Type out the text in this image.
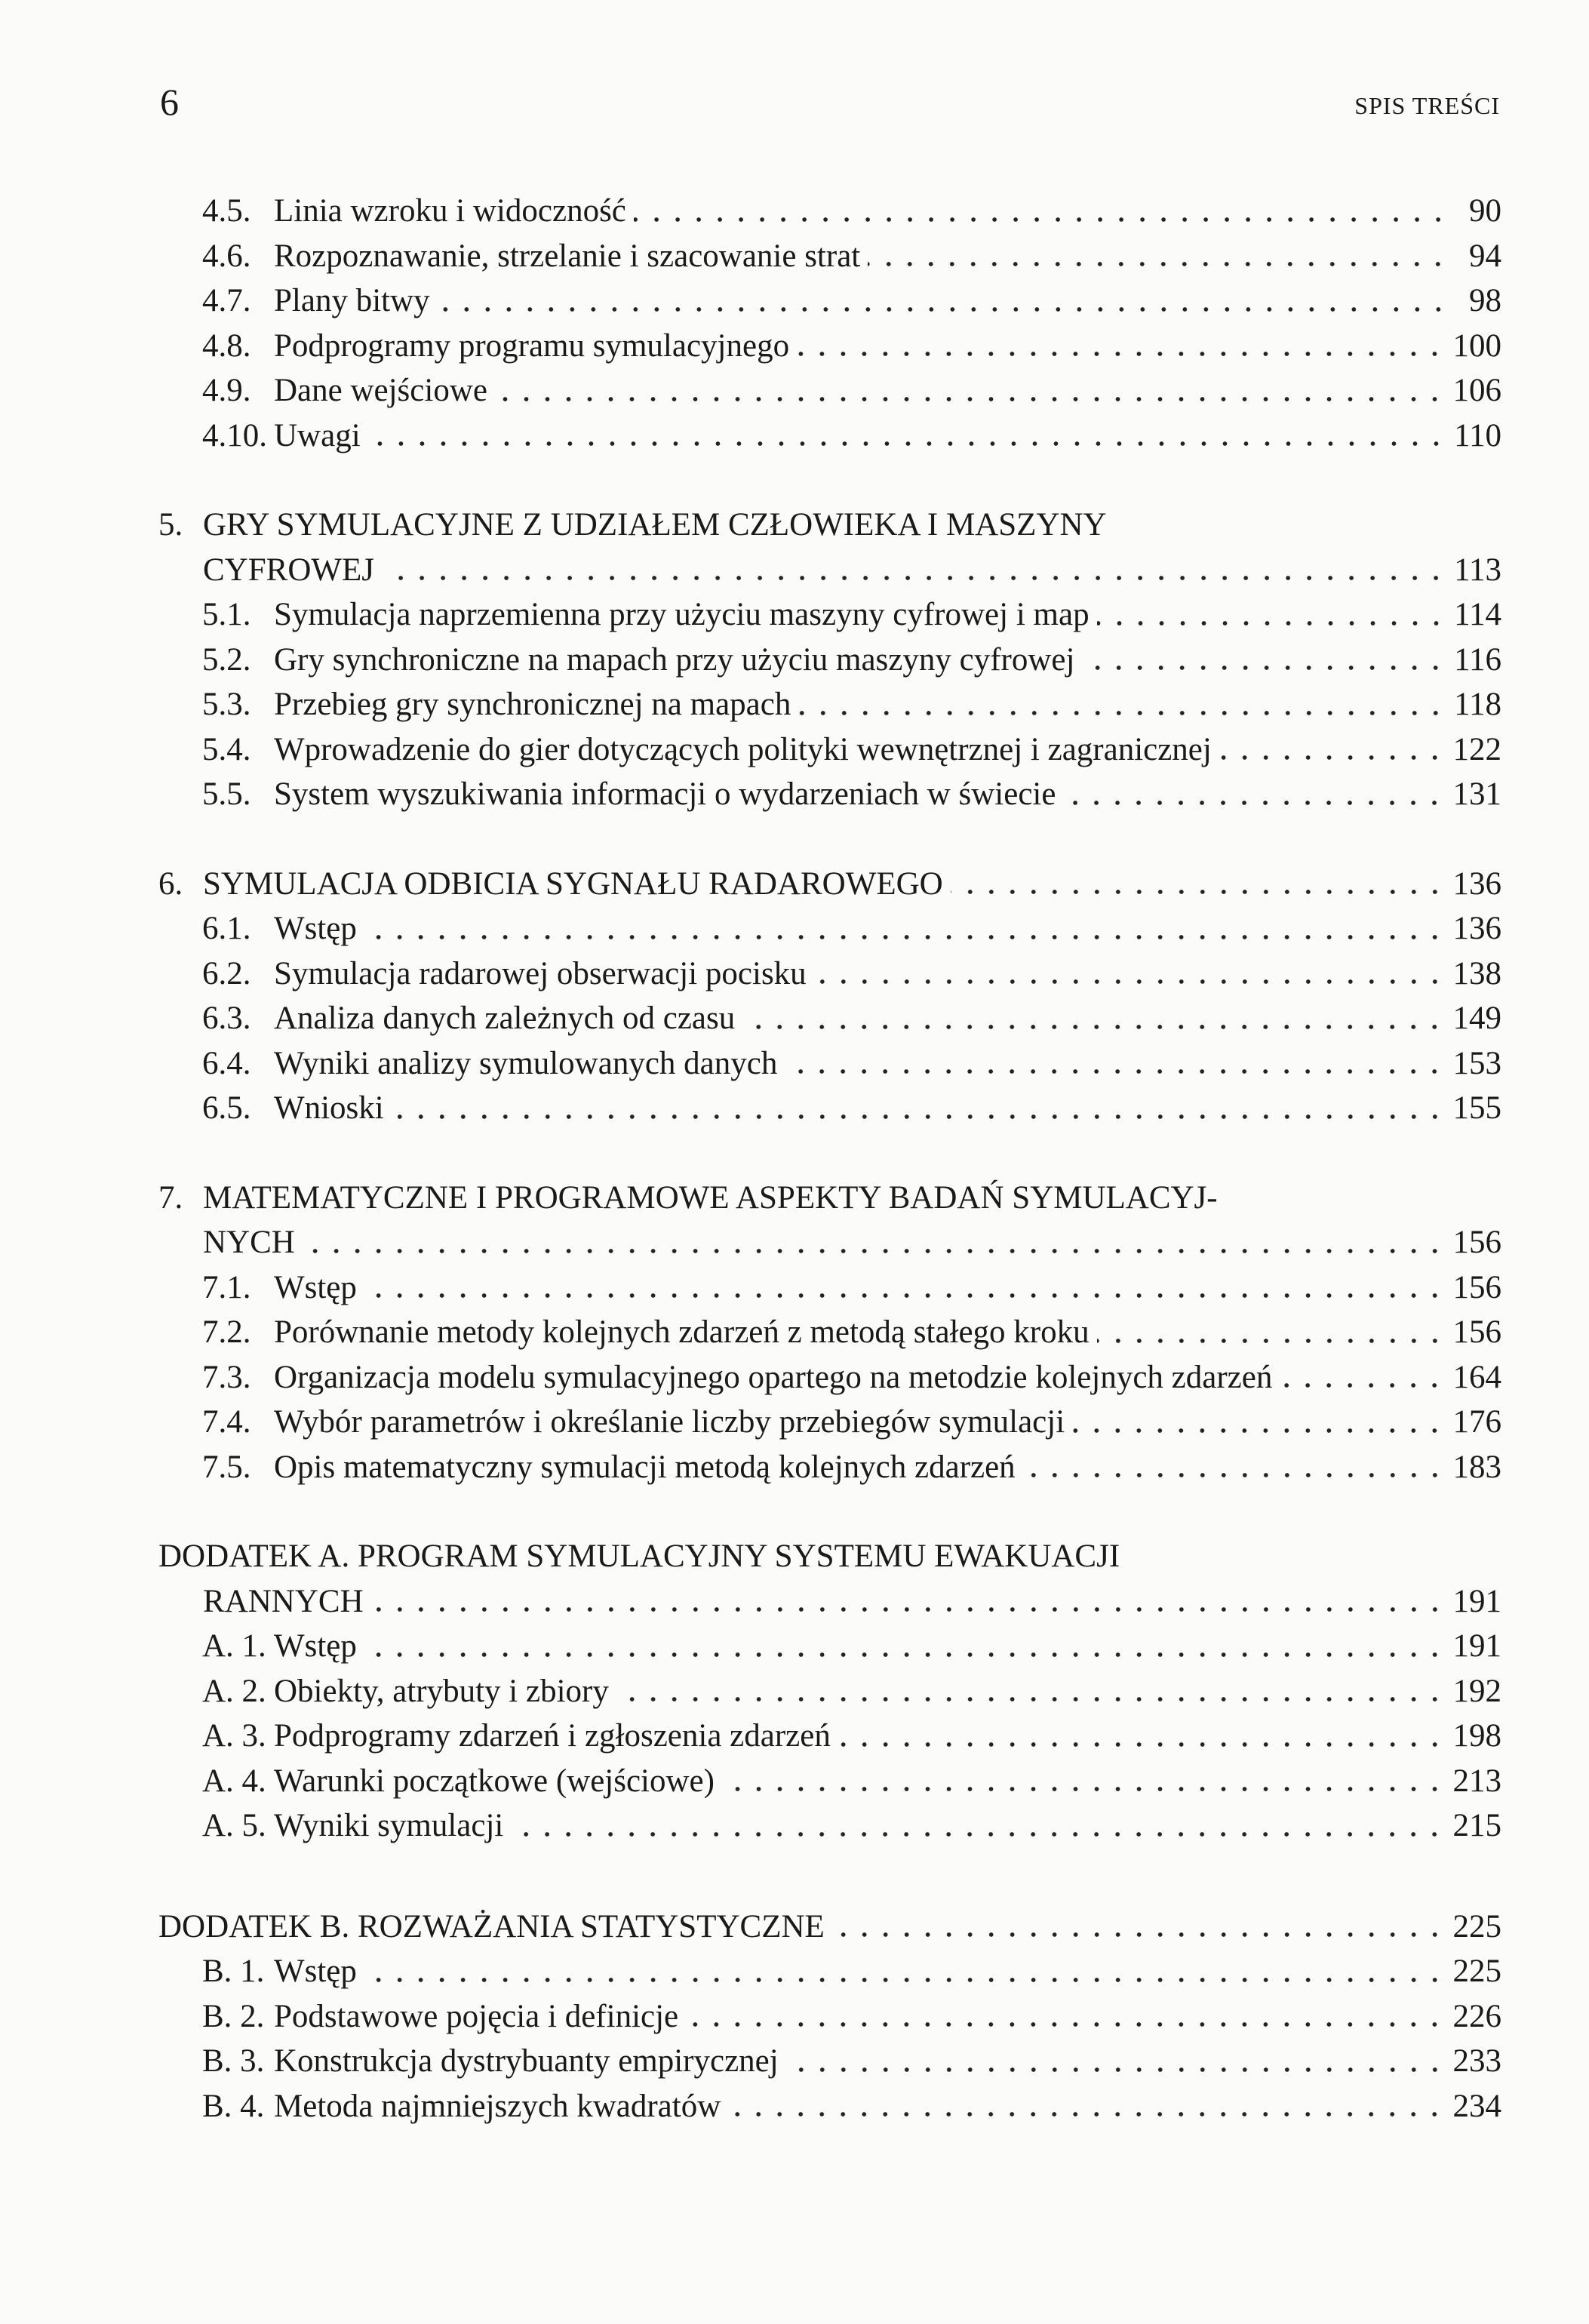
6	SPIS TREŚCI
4.5. Linia wzroku i widoczność	90
4.6. Rozpoznawanie, strzelanie i szacowanie strat	94
4.7. Plany bitwy	98
4.8. Podprogramy programu symulacyjnego	100
4.9. Dane wejściowe	106
4.10. Uwagi	110
5. GRY SYMULACYJNE Z UDZIAŁEM CZŁOWIEKA I MASZYNY
CYFROWEJ	113
5.1. Symulacja naprzemienna przy użyciu maszyny cyfrowej i map	114
5.2. Gry synchroniczne na mapach przy użyciu maszyny cyfrowej	116
5.3. Przebieg gry synchronicznej na mapach	118
5.4. Wprowadzenie do gier dotyczących polityki wewnętrznej i zagranicznej	122
5.5. System wyszukiwania informacji o wydarzeniach w świecie	131
6. SYMULACJA ODBICIA SYGNAŁU RADAROWEGO	136
6.1. Wstęp	136
6.2. Symulacja radarowej obserwacji pocisku	138
6.3. Analiza danych zależnych od czasu	149
6.4. Wyniki analizy symulowanych danych	153
6.5. Wnioski	155
7. MATEMATYCZNE I PROGRAMOWE ASPEKTY BADAŃ SYMULACYJ-
NYCH	156
7.1. Wstęp	156
7.2. Porównanie metody kolejnych zdarzeń z metodą stałego kroku	156
7.3. Organizacja modelu symulacyjnego opartego na metodzie kolejnych zdarzeń	164
7.4. Wybór parametrów i określanie liczby przebiegów symulacji	176
7.5. Opis matematyczny symulacji metodą kolejnych zdarzeń	183
DODATEK A. PROGRAM SYMULACYJNY SYSTEMU EWAKUACJI
RANNYCH	191
A. 1. Wstęp	191
A. 2. Obiekty, atrybuty i zbiory	192
A. 3. Podprogramy zdarzeń i zgłoszenia zdarzeń	198
A. 4. Warunki początkowe (wejściowe)	213
A. 5. Wyniki symulacji	215
DODATEK B. ROZWAŻANIA STATYSTYCZNE	225
B. 1. Wstęp	225
B. 2. Podstawowe pojęcia i definicje	226
B. 3. Konstrukcja dystrybuanty empirycznej	233
B. 4. Metoda najmniejszych kwadratów	234
